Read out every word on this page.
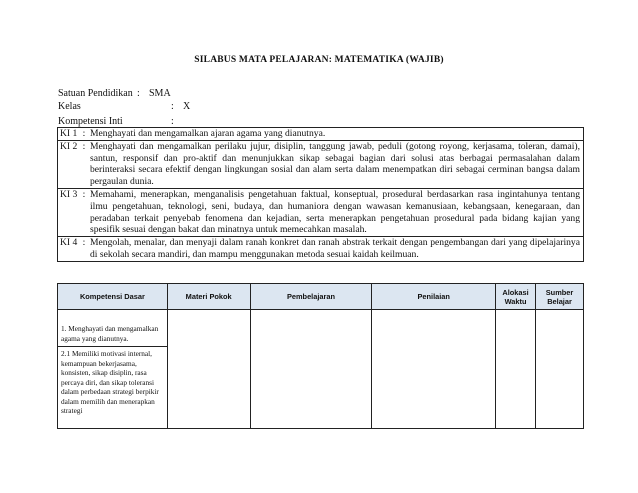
SILABUS MATA PELAJARAN: MATEMATIKA (WAJIB)
Satuan Pendidikan : SMA
Kelas	: X
Kompetensi Inti	:
KI 1	:	Menghayati dan mengamalkan ajaran agama yang dianutnya.
KI 2	:	Menghayati dan mengamalkan perilaku jujur, disiplin, tanggung jawab, peduli (gotong royong, kerjasama, toleran, damai), santun, responsif dan pro-aktif dan menunjukkan sikap sebagai bagian dari solusi atas berbagai permasalahan dalam berinteraksi secara efektif dengan lingkungan sosial dan alam serta dalam menempatkan diri sebagai cerminan bangsa dalam pergaulan dunia.
KI 3	:	Memahami, menerapkan, menganalisis pengetahuan faktual, konseptual, prosedural berdasarkan rasa ingintahunya tentang ilmu pengetahuan, teknologi, seni, budaya, dan humaniora dengan wawasan kemanusiaan, kebangsaan, kenegaraan, dan peradaban terkait penyebab fenomena dan kejadian, serta menerapkan pengetahuan prosedural pada bidang kajian yang spesifik sesuai dengan bakat dan minatnya untuk memecahkan masalah.
KI 4	:	Mengolah, menalar, dan menyaji dalam ranah konkret dan ranah abstrak terkait dengan pengembangan dari yang dipelajarinya di sekolah secara mandiri, dan mampu menggunakan metoda sesuai kaidah keilmuan.
Kompetensi Dasar	Materi Pokok	Pembelajaran	Penilaian	Alokasi Waktu	Sumber Belajar

1. Menghayati dan mengamalkan agama yang dianutnya.
2.1 Memiliki motivasi internal, kemampuan bekerjasama, konsisten, sikap disiplin, rasa percaya diri, dan sikap toleransi dalam perbedaan strategi berpikir dalam memilih dan menerapkan strategi					
